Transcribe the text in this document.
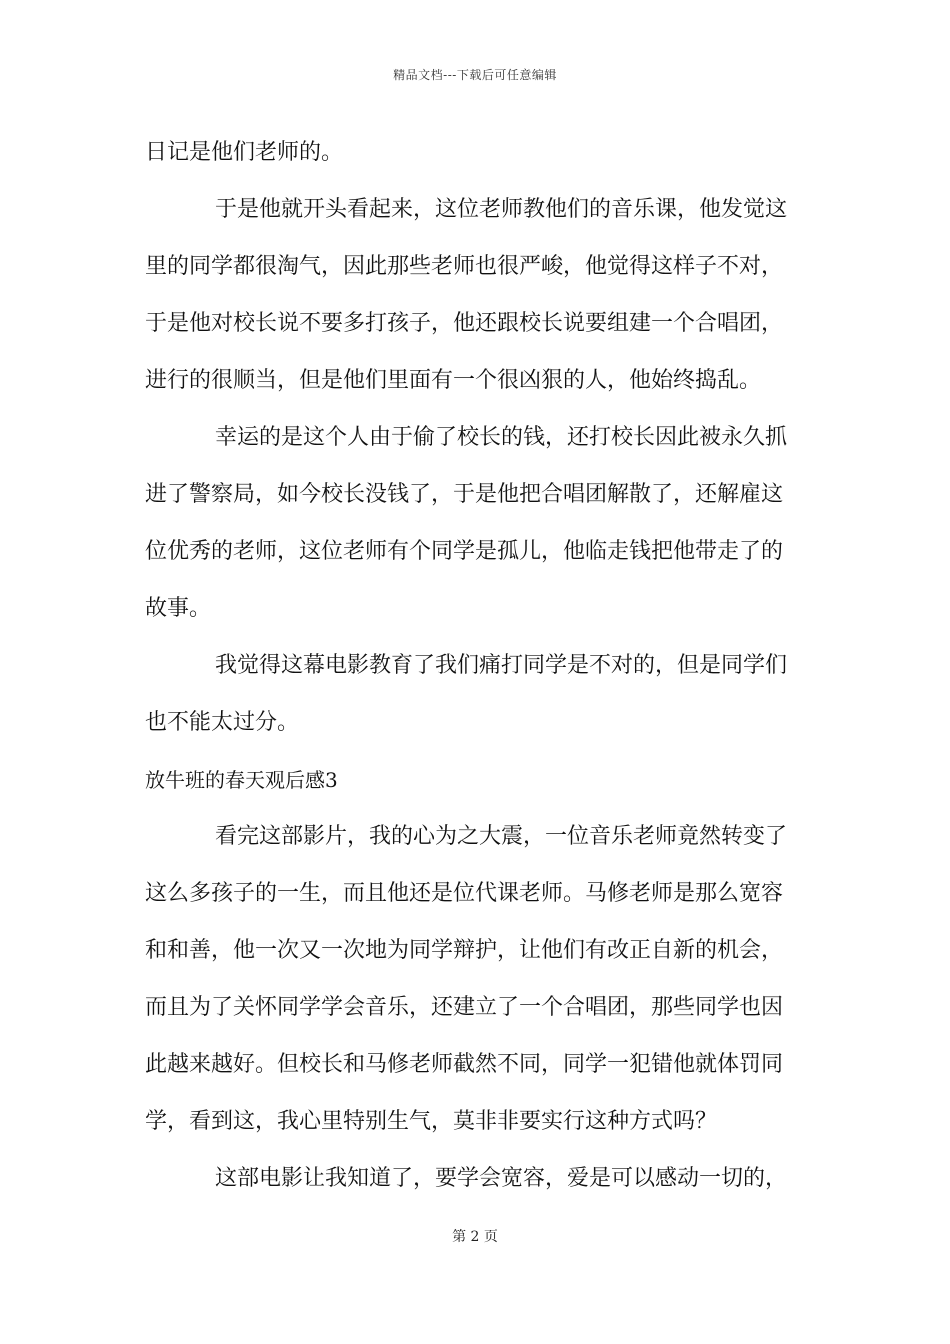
精品文档---下载后可任意编辑
日记是他们老师的。
于是他就开头看起来，这位老师教他们的音乐课，他发觉这
里的同学都很淘气，因此那些老师也很严峻，他觉得这样子不对，
于是他对校长说不要多打孩子，他还跟校长说要组建一个合唱团，
进行的很顺当，但是他们里面有一个很凶狠的人，他始终捣乱。
幸运的是这个人由于偷了校长的钱，还打校长因此被永久抓
进了警察局，如今校长没钱了，于是他把合唱团解散了，还解雇这
位优秀的老师，这位老师有个同学是孤儿，他临走钱把他带走了的
故事。
我觉得这幕电影教育了我们痛打同学是不对的，但是同学们
也不能太过分。
放牛班的春天观后感3
看完这部影片，我的心为之大震，一位音乐老师竟然转变了
这么多孩子的一生，而且他还是位代课老师。马修老师是那么宽容
和和善，他一次又一次地为同学辩护，让他们有改正自新的机会，
而且为了关怀同学学会音乐，还建立了一个合唱团，那些同学也因
此越来越好。但校长和马修老师截然不同，同学一犯错他就体罚同
学，看到这，我心里特别生气，莫非非要实行这种方式吗？
这部电影让我知道了，要学会宽容，爱是可以感动一切的，
第 2 页
